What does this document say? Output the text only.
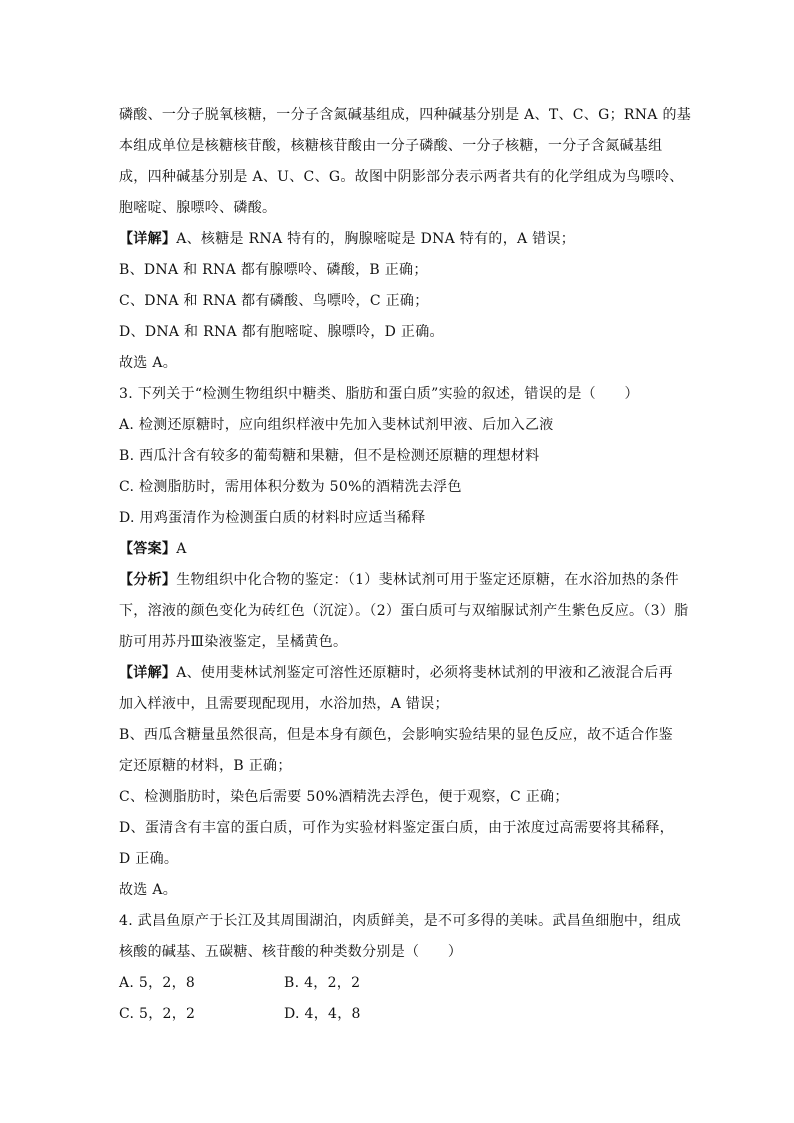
磷酸、一分子脱氧核糖，一分子含氮碱基组成，四种碱基分别是 A、T、C、G；RNA 的基
本组成单位是核糖核苷酸，核糖核苷酸由一分子磷酸、一分子核糖，一分子含氮碱基组
成，四种碱基分别是 A、U、C、G。故图中阴影部分表示两者共有的化学组成为鸟嘌呤、
胞嘧啶、腺嘌呤、磷酸。
【详解】A、核糖是 RNA 特有的，胸腺嘧啶是 DNA 特有的，A 错误；
B、DNA 和 RNA 都有腺嘌呤、磷酸，B 正确；
C、DNA 和 RNA 都有磷酸、鸟嘌呤，C 正确；
D、DNA 和 RNA 都有胞嘧啶、腺嘌呤，D 正确。
故选 A。
3. 下列关于“检测生物组织中糖类、脂肪和蛋白质”实验的叙述，错误的是（　　）
A. 检测还原糖时，应向组织样液中先加入斐林试剂甲液、后加入乙液
B. 西瓜汁含有较多的葡萄糖和果糖，但不是检测还原糖的理想材料
C. 检测脂肪时，需用体积分数为 50%的酒精洗去浮色
D. 用鸡蛋清作为检测蛋白质的材料时应适当稀释
【答案】A
【分析】生物组织中化合物的鉴定：（1）斐林试剂可用于鉴定还原糖，在水浴加热的条件
下，溶液的颜色变化为砖红色（沉淀）。（2）蛋白质可与双缩脲试剂产生紫色反应。（3）脂
肪可用苏丹Ⅲ染液鉴定，呈橘黄色。
【详解】A、使用斐林试剂鉴定可溶性还原糖时，必须将斐林试剂的甲液和乙液混合后再
加入样液中，且需要现配现用，水浴加热，A 错误；
B、西瓜含糖量虽然很高，但是本身有颜色，会影响实验结果的显色反应，故不适合作鉴
定还原糖的材料，B 正确；
C、检测脂肪时，染色后需要 50%酒精洗去浮色，便于观察，C 正确；
D、蛋清含有丰富的蛋白质，可作为实验材料鉴定蛋白质，由于浓度过高需要将其稀释，
D 正确。
故选 A。
4. 武昌鱼原产于长江及其周围湖泊，肉质鲜美，是不可多得的美味。武昌鱼细胞中，组成
核酸的碱基、五碳糖、核苷酸的种类数分别是（　　）
A. 5，2，8	B. 4，2，2
C. 5，2，2	D. 4，4，8
